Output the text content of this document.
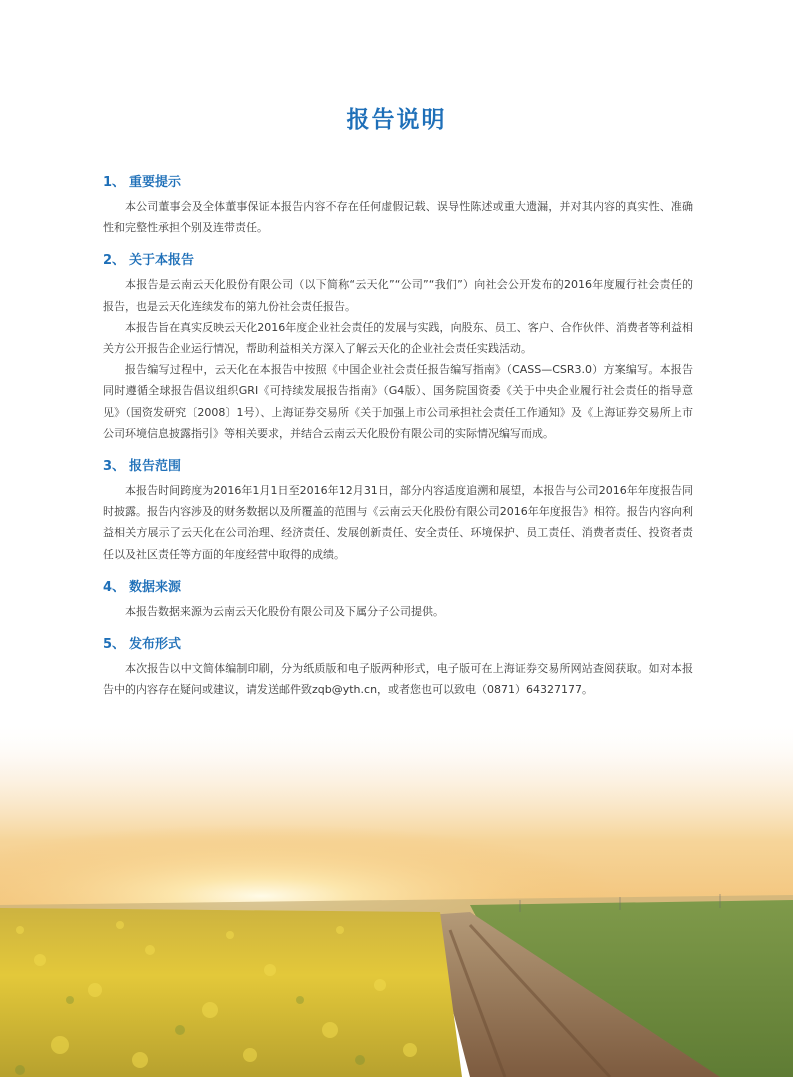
报告说明
1、 重要提示

本公司董事会及全体董事保证本报告内容不存在任何虚假记载、误导性陈述或重大遗漏，并对其内容的真实性、准确性和完整性承担个别及连带责任。

2、 关于本报告

本报告是云南云天化股份有限公司（以下简称“云天化”“公司”“我们”）向社会公开发布的2016年度履行社会责任的报告，也是云天化连续发布的第九份社会责任报告。

本报告旨在真实反映云天化2016年度企业社会责任的发展与实践，向股东、员工、客户、合作伙伴、消费者等利益相关方公开报告企业运行情况，帮助利益相关方深入了解云天化的企业社会责任实践活动。

报告编写过程中，云天化在本报告中按照《中国企业社会责任报告编写指南》（CASS—CSR3.0）方案编写。本报告同时遵循全球报告倡议组织GRI《可持续发展报告指南》（G4版）、国务院国资委《关于中央企业履行社会责任的指导意见》（国资发研究〔2008〕1号）、上海证券交易所《关于加强上市公司承担社会责任工作通知》及《上海证券交易所上市公司环境信息披露指引》等相关要求，并结合云南云天化股份有限公司的实际情况编写而成。

3、 报告范围

本报告时间跨度为2016年1月1日至2016年12月31日，部分内容适度追溯和展望，本报告与公司2016年年度报告同时披露。报告内容涉及的财务数据以及所覆盖的范围与《云南云天化股份有限公司2016年年度报告》相符。报告内容向利益相关方展示了云天化在公司治理、经济责任、发展创新责任、安全责任、环境保护、员工责任、消费者责任、投资者责任以及社区责任等方面的年度经营中取得的成绩。

4、 数据来源

本报告数据来源为云南云天化股份有限公司及下属分子公司提供。

5、 发布形式

本次报告以中文简体编制印刷，分为纸质版和电子版两种形式，电子版可在上海证券交易所网站查阅获取。如对本报告中的内容存在疑问或建议，请发送邮件致zqb@yth.cn，或者您也可以致电（0871）64327177。
